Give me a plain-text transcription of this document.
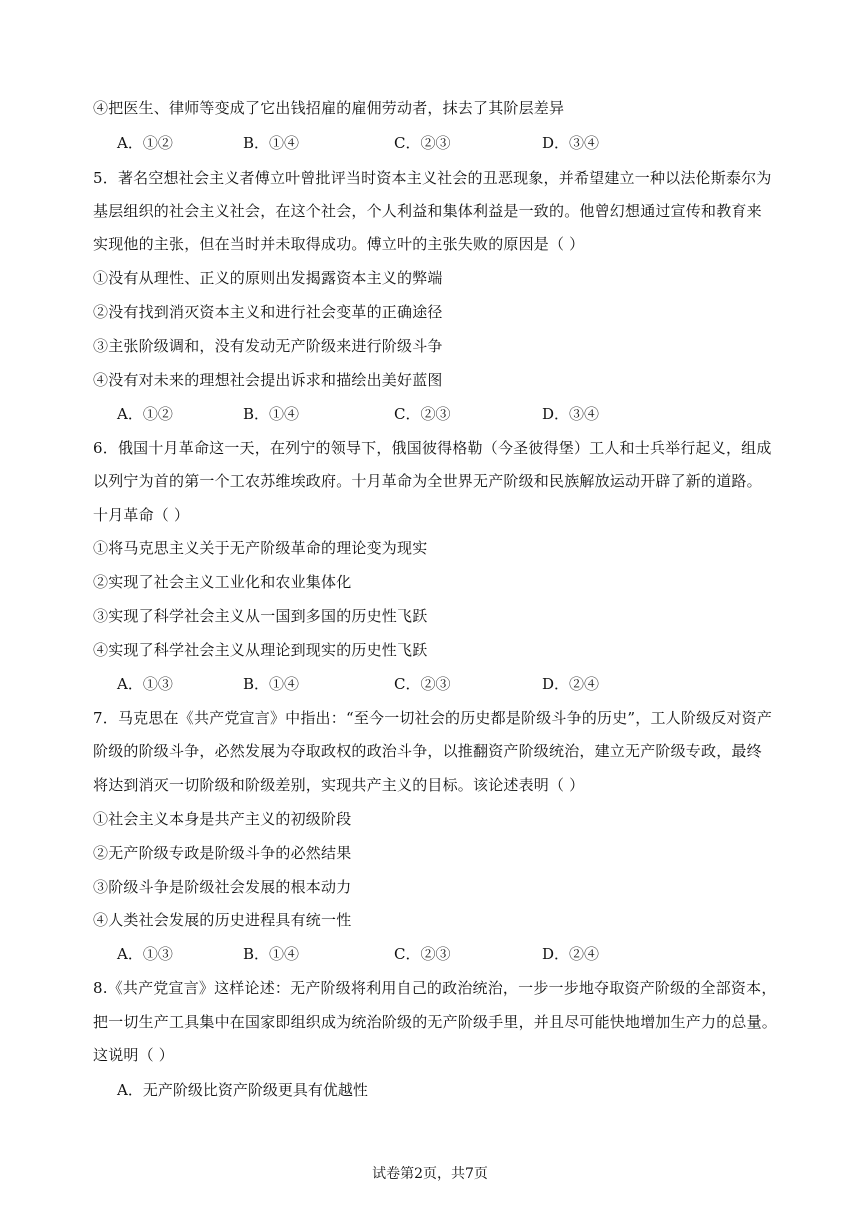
④把医生、律师等变成了它出钱招雇的雇佣劳动者，抹去了其阶层差异
A．①②	B．①④	C．②③	D．③④
5．著名空想社会主义者傅立叶曾批评当时资本主义社会的丑恶现象，并希望建立一种以法伦斯泰尔为
基层组织的社会主义社会，在这个社会，个人利益和集体利益是一致的。他曾幻想通过宣传和教育来
实现他的主张，但在当时并未取得成功。傅立叶的主张失败的原因是（ ）
①没有从理性、正义的原则出发揭露资本主义的弊端
②没有找到消灭资本主义和进行社会变革的正确途径
③主张阶级调和，没有发动无产阶级来进行阶级斗争
④没有对未来的理想社会提出诉求和描绘出美好蓝图
A．①②	B．①④	C．②③	D．③④
6．俄国十月革命这一天，在列宁的领导下，俄国彼得格勒（今圣彼得堡）工人和士兵举行起义，组成
以列宁为首的第一个工农苏维埃政府。十月革命为全世界无产阶级和民族解放运动开辟了新的道路。
十月革命（ ）
①将马克思主义关于无产阶级革命的理论变为现实
②实现了社会主义工业化和农业集体化
③实现了科学社会主义从一国到多国的历史性飞跃
④实现了科学社会主义从理论到现实的历史性飞跃
A．①③	B．①④	C．②③	D．②④
7．马克思在《共产党宣言》中指出：“至今一切社会的历史都是阶级斗争的历史”，工人阶级反对资产
阶级的阶级斗争，必然发展为夺取政权的政治斗争，以推翻资产阶级统治，建立无产阶级专政，最终
将达到消灭一切阶级和阶级差别，实现共产主义的目标。该论述表明（ ）
①社会主义本身是共产主义的初级阶段
②无产阶级专政是阶级斗争的必然结果
③阶级斗争是阶级社会发展的根本动力
④人类社会发展的历史进程具有统一性
A．①③	B．①④	C．②③	D．②④
8.《共产党宣言》这样论述：无产阶级将利用自己的政治统治，一步一步地夺取资产阶级的全部资本，
把一切生产工具集中在国家即组织成为统治阶级的无产阶级手里，并且尽可能快地增加生产力的总量。
这说明（ ）
A．无产阶级比资产阶级更具有优越性
试卷第2页，共7页
